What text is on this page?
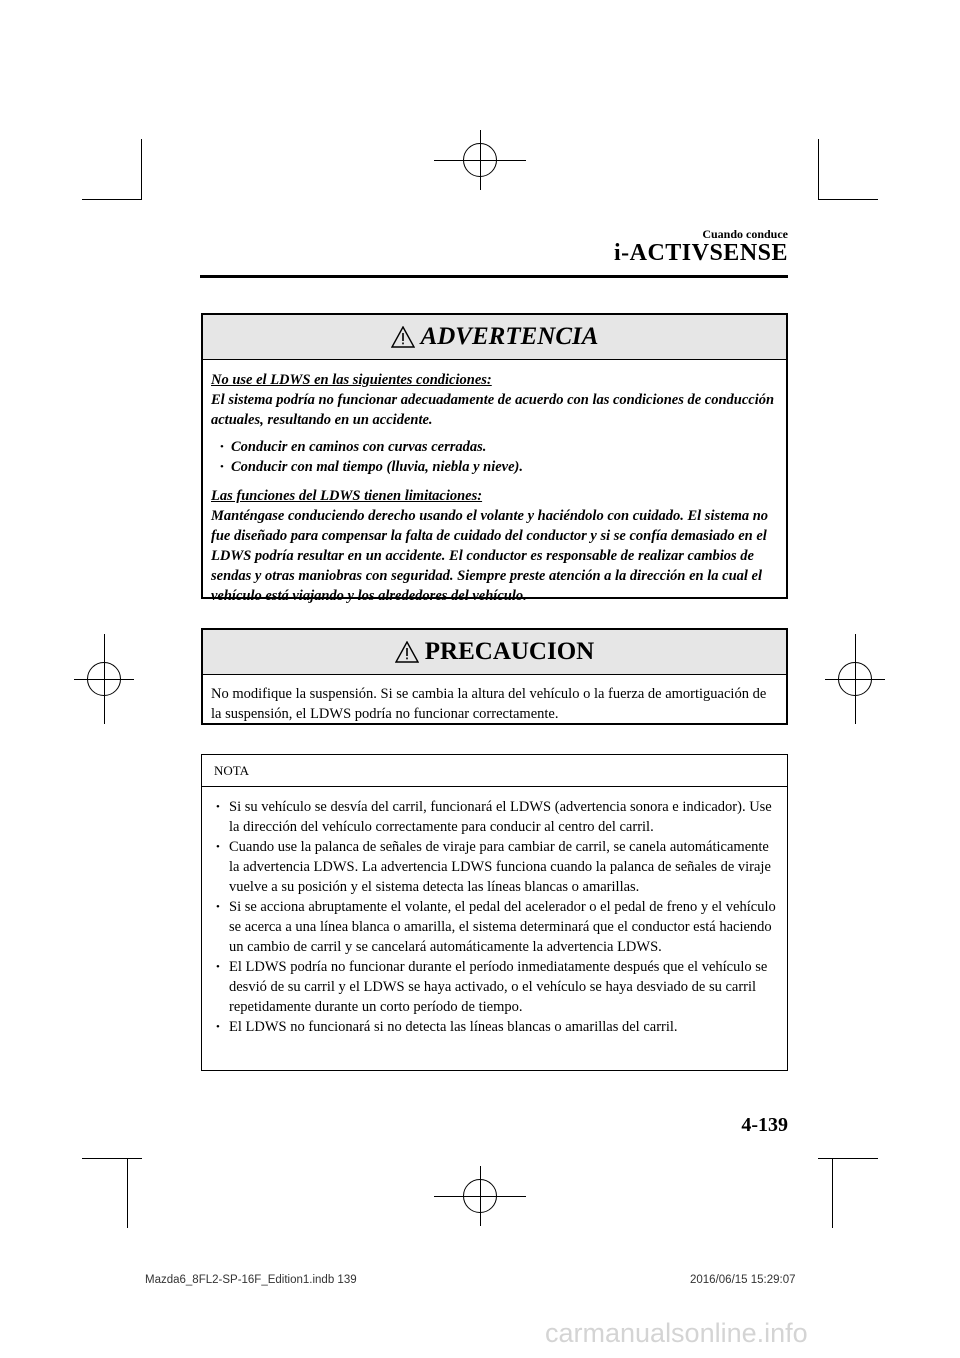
Cuando conduce
i-ACTIVSENSE
ADVERTENCIA

No use el LDWS en las siguientes condiciones:

El sistema podría no funcionar adecuadamente de acuerdo con las condiciones de conducción actuales, resultando en un accidente.

• Conducir en caminos con curvas cerradas.
• Conducir con mal tiempo (lluvia, niebla y nieve).

Las funciones del LDWS tienen limitaciones:

Manténgase conduciendo derecho usando el volante y haciéndolo con cuidado. El sistema no fue diseñado para compensar la falta de cuidado del conductor y si se confía demasiado en el LDWS podría resultar en un accidente. El conductor es responsable de realizar cambios de sendas y otras maniobras con seguridad. Siempre preste atención a la dirección en la cual el vehículo está viajando y los alrededores del vehículo.

PRECAUCION

No modifique la suspensión. Si se cambia la altura del vehículo o la fuerza de amortiguación de la suspensión, el LDWS podría no funcionar correctamente.

NOTA
• Si su vehículo se desvía del carril, funcionará el LDWS (advertencia sonora e indicador). Use la dirección del vehículo correctamente para conducir al centro del carril.
• Cuando use la palanca de señales de viraje para cambiar de carril, se canela automáticamente la advertencia LDWS. La advertencia LDWS funciona cuando la palanca de señales de viraje vuelve a su posición y el sistema detecta las líneas blancas o amarillas.
• Si se acciona abruptamente el volante, el pedal del acelerador o el pedal de freno y el vehículo se acerca a una línea blanca o amarilla, el sistema determinará que el conductor está haciendo un cambio de carril y se cancelará automáticamente la advertencia LDWS.
• El LDWS podría no funcionar durante el período inmediatamente después que el vehículo se desvió de su carril y el LDWS se haya activado, o el vehículo se haya desviado de su carril repetidamente durante un corto período de tiempo.
• El LDWS no funcionará si no detecta las líneas blancas o amarillas del carril.
4-139
Mazda6_8FL2-SP-16F_Edition1.indb 139	2016/06/15 15:29:07
carmanualsonline.info
